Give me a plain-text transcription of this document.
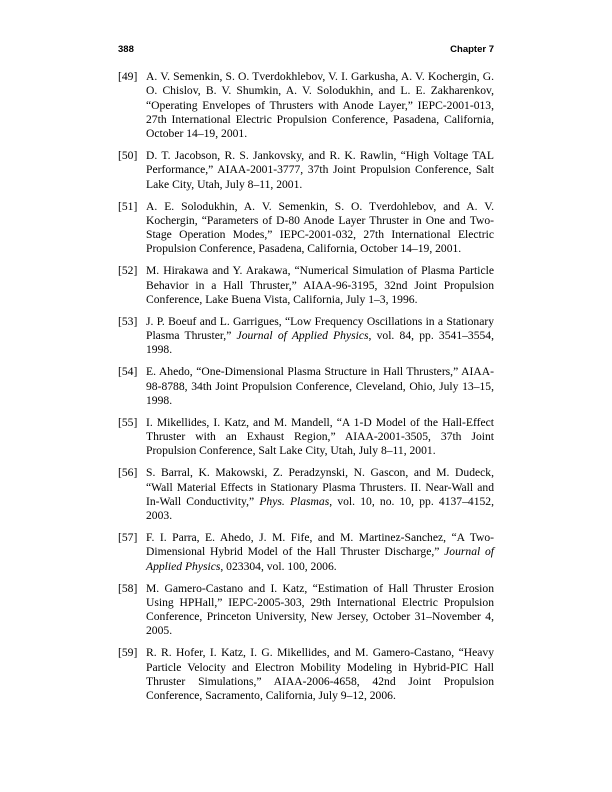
388	Chapter 7
[49] A. V. Semenkin, S. O. Tverdokhlebov, V. I. Garkusha, A. V. Kochergin, G. O. Chislov, B. V. Shumkin, A. V. Solodukhin, and L. E. Zakharenkov, “Operating Envelopes of Thrusters with Anode Layer,” IEPC-2001-013, 27th International Electric Propulsion Conference, Pasadena, California, October 14–19, 2001.
[50] D. T. Jacobson, R. S. Jankovsky, and R. K. Rawlin, “High Voltage TAL Performance,” AIAA-2001-3777, 37th Joint Propulsion Conference, Salt Lake City, Utah, July 8–11, 2001.
[51] A. E. Solodukhin, A. V. Semenkin, S. O. Tverdohlebov, and A. V. Kochergin, “Parameters of D-80 Anode Layer Thruster in One and Two-Stage Operation Modes,” IEPC-2001-032, 27th International Electric Propulsion Conference, Pasadena, California, October 14–19, 2001.
[52] M. Hirakawa and Y. Arakawa, “Numerical Simulation of Plasma Particle Behavior in a Hall Thruster,” AIAA-96-3195, 32nd Joint Propulsion Conference, Lake Buena Vista, California, July 1–3, 1996.
[53] J. P. Boeuf and L. Garrigues, “Low Frequency Oscillations in a Stationary Plasma Thruster,” Journal of Applied Physics, vol. 84, pp. 3541–3554, 1998.
[54] E. Ahedo, “One-Dimensional Plasma Structure in Hall Thrusters,” AIAA-98-8788, 34th Joint Propulsion Conference, Cleveland, Ohio, July 13–15, 1998.
[55] I. Mikellides, I. Katz, and M. Mandell, “A 1-D Model of the Hall-Effect Thruster with an Exhaust Region,” AIAA-2001-3505, 37th Joint Propulsion Conference, Salt Lake City, Utah, July 8–11, 2001.
[56] S. Barral, K. Makowski, Z. Peradzynski, N. Gascon, and M. Dudeck, “Wall Material Effects in Stationary Plasma Thrusters. II. Near-Wall and In-Wall Conductivity,” Phys. Plasmas, vol. 10, no. 10, pp. 4137–4152, 2003.
[57] F. I. Parra, E. Ahedo, J. M. Fife, and M. Martinez-Sanchez, “A Two-Dimensional Hybrid Model of the Hall Thruster Discharge,” Journal of Applied Physics, 023304, vol. 100, 2006.
[58] M. Gamero-Castano and I. Katz, “Estimation of Hall Thruster Erosion Using HPHall,” IEPC-2005-303, 29th International Electric Propulsion Conference, Princeton University, New Jersey, October 31–November 4, 2005.
[59] R. R. Hofer, I. Katz, I. G. Mikellides, and M. Gamero-Castano, “Heavy Particle Velocity and Electron Mobility Modeling in Hybrid-PIC Hall Thruster Simulations,” AIAA-2006-4658, 42nd Joint Propulsion Conference, Sacramento, California, July 9–12, 2006.
